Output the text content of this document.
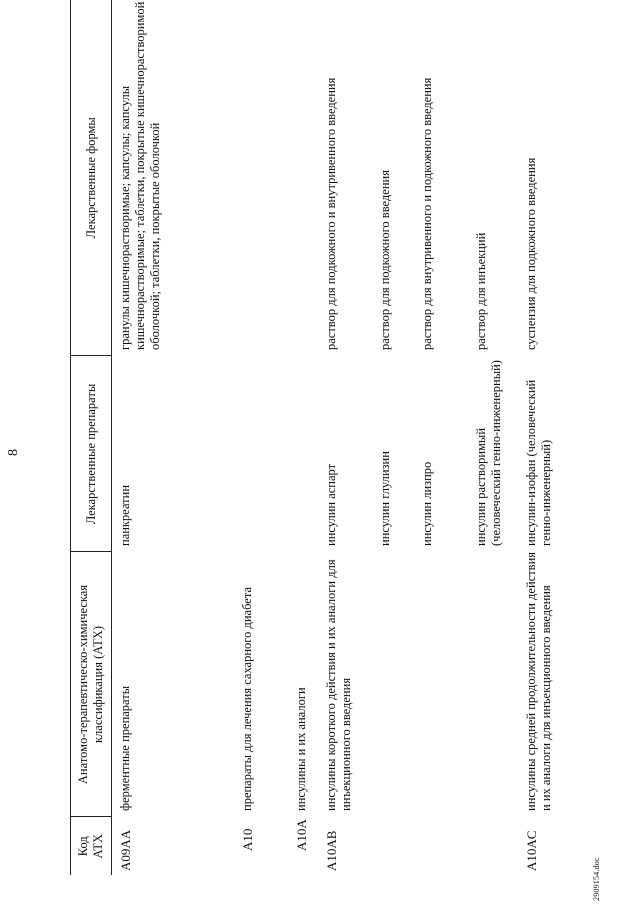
8
Код АТХ	Анатомо-терапевтическо-химическая классификация (АТХ)	Лекарственные препараты	Лекарственные формы
A09AA	ферментные препараты	панкреатин	гранулы кишечнорастворимые; капсулы; капсулы кишечнорастворимые; таблетки, покрытые кишечнорастворимой оболочкой; таблетки, покрытые оболочкой
A10	препараты для лечения сахарного диабета		
A10A	инсулины и их аналоги		
A10AB	инсулины короткого действия и их аналоги для инъекционного введения	инсулин аспарт	раствор для подкожного и внутривенного введения
		инсулин глулизин	раствор для подкожного введения
		инсулин лизпро	раствор для внутривенного и подкожного введения
		инсулин растворимый (человеческий генно-инженерный)	раствор для инъекций
A10AC	инсулины средней продолжительности действия и их аналоги для инъекционного введения	инсулин-изофан (человеческий генно-инженерный)	суспензия для подкожного введения
2909154.doc
